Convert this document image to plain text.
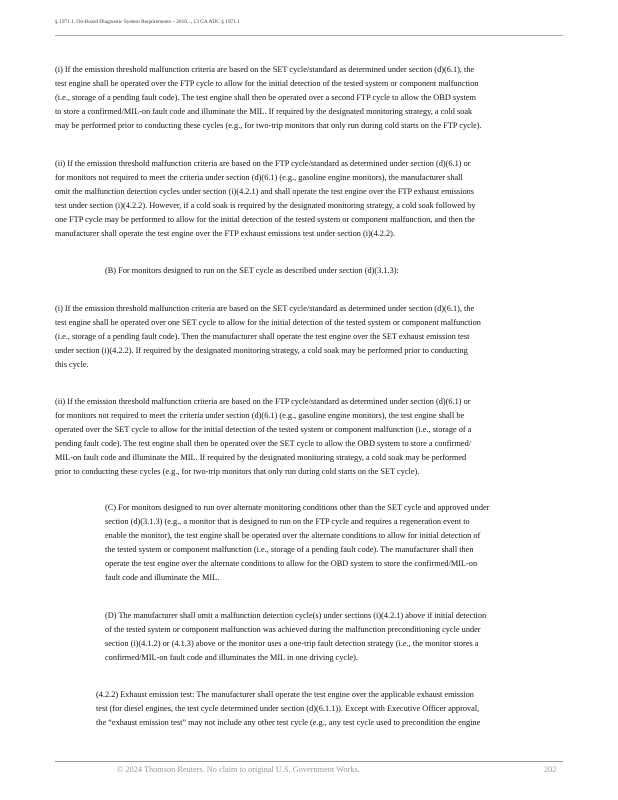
§ 1971.1. On-Board Diagnostic System Requirements – 2010..., 13 CA ADC § 1971.1
(i) If the emission threshold malfunction criteria are based on the SET cycle/standard as determined under section (d)(6.1), the
test engine shall be operated over the FTP cycle to allow for the initial detection of the tested system or component malfunction
(i.e., storage of a pending fault code). The test engine shall then be operated over a second FTP cycle to allow the OBD system
to store a confirmed/MIL-on fault code and illuminate the MIL. If required by the designated monitoring strategy, a cold soak
may be performed prior to conducting these cycles (e.g., for two-trip monitors that only run during cold starts on the FTP cycle).
(ii) If the emission threshold malfunction criteria are based on the FTP cycle/standard as determined under section (d)(6.1) or
for monitors not required to meet the criteria under section (d)(6.1) (e.g., gasoline engine monitors), the manufacturer shall
omit the malfunction detection cycles under section (i)(4.2.1) and shall operate the test engine over the FTP exhaust emissions
test under section (i)(4.2.2). However, if a cold soak is required by the designated monitoring strategy, a cold soak followed by
one FTP cycle may be performed to allow for the initial detection of the tested system or component malfunction, and then the
manufacturer shall operate the test engine over the FTP exhaust emissions test under section (i)(4.2.2).
(B) For monitors designed to run on the SET cycle as described under section (d)(3.1.3):
(i) If the emission threshold malfunction criteria are based on the SET cycle/standard as determined under section (d)(6.1), the
test engine shall be operated over one SET cycle to allow for the initial detection of the tested system or component malfunction
(i.e., storage of a pending fault code). Then the manufacturer shall operate the test engine over the SET exhaust emission test
under section (i)(4.2.2). If required by the designated monitoring strategy, a cold soak may be performed prior to conducting
this cycle.
(ii) If the emission threshold malfunction criteria are based on the FTP cycle/standard as determined under section (d)(6.1) or
for monitors not required to meet the criteria under section (d)(6.1) (e.g., gasoline engine monitors), the test engine shall be
operated over the SET cycle to allow for the initial detection of the tested system or component malfunction (i.e., storage of a
pending fault code). The test engine shall then be operated over the SET cycle to allow the OBD system to store a confirmed/
MIL-on fault code and illuminate the MIL. If required by the designated monitoring strategy, a cold soak may be performed
prior to conducting these cycles (e.g., for two-trip monitors that only run during cold starts on the SET cycle).
(C) For monitors designed to run over alternate monitoring conditions other than the SET cycle and approved under
section (d)(3.1.3) (e.g., a monitor that is designed to run on the FTP cycle and requires a regeneration event to
enable the monitor), the test engine shall be operated over the alternate conditions to allow for initial detection of
the tested system or component malfunction (i.e., storage of a pending fault code). The manufacturer shall then
operate the test engine over the alternate conditions to allow for the OBD system to store the confirmed/MIL-on
fault code and illuminate the MIL.
(D) The manufacturer shall omit a malfunction detection cycle(s) under sections (i)(4.2.1) above if initial detection
of the tested system or component malfunction was achieved during the malfunction preconditioning cycle under
section (i)(4.1.2) or (4.1.3) above or the monitor uses a one-trip fault detection strategy (i.e., the monitor stores a
confirmed/MIL-on fault code and illuminates the MIL in one driving cycle).
(4.2.2) Exhaust emission test: The manufacturer shall operate the test engine over the applicable exhaust emission
test (for diesel engines, the test cycle determined under section (d)(6.1.1)). Except with Executive Officer approval,
the “exhaust emission test” may not include any other test cycle (e.g., any test cycle used to precondition the engine
© 2024 Thomson Reuters. No claim to original U.S. Government Works.	202
